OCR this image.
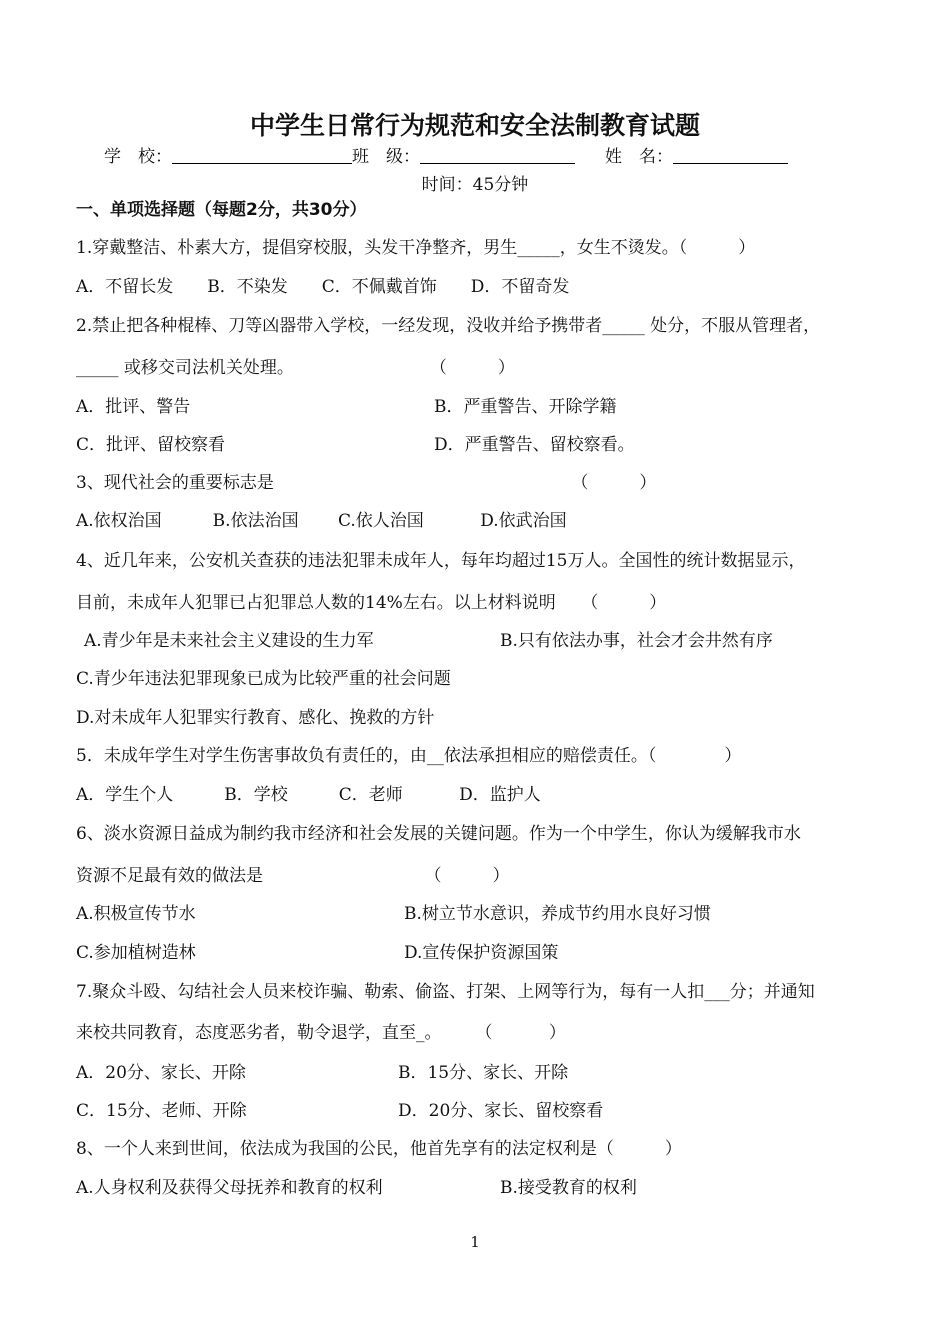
中学生日常行为规范和安全法制教育试题
学　校：	班　级：	姓　名：
时间：45分钟
一、单项选择题（每题2分，共30分）
1.穿戴整洁、朴素大方，提倡穿校服，头发干净整齐，男生_____，女生不烫发。（　　　）
A．不留长发　　B．不染发　　C．不佩戴首饰　　D．不留奇发
2.禁止把各种棍棒、刀等凶器带入学校，一经发现，没收并给予携带者_____ 处分，不服从管理者，
_____ 或移交司法机关处理。　　　　　　　　　（　　　）
A．批评、警告	B．严重警告、开除学籍
C．批评、留校察看	D．严重警告、留校察看。
3、现代社会的重要标志是　　　　　　　　　　　　　　　　　　（　　　）
A.依权治国　　　B.依法治国　　 C.依人治国　　　 D.依武治国
4、近几年来，公安机关查获的违法犯罪未成年人，每年均超过15万人。全国性的统计数据显示，
目前，未成年人犯罪已占犯罪总人数的14%左右。以上材料说明　　（　　　）
A.青少年是未来社会主义建设的生力军	B.只有依法办事，社会才会井然有序
C.青少年违法犯罪现象已成为比较严重的社会问题
D.对未成年人犯罪实行教育、感化、挽救的方针
5．未成年学生对学生伤害事故负有责任的，由__依法承担相应的赔偿责任。（　　　　）
A．学生个人　　　B．学校　　　C．老师　　　 D．监护人
6、淡水资源日益成为制约我市经济和社会发展的关键问题。作为一个中学生，你认为缓解我市水
资源不足最有效的做法是　　　　　　　　　　（　　　）
A.积极宣传节水	B.树立节水意识，养成节约用水良好习惯
C.参加植树造林	D.宣传保护资源国策
7.聚众斗殴、勾结社会人员来校诈骗、勒索、偷盗、打架、上网等行为，每有一人扣___分；并通知
来校共同教育，态度恶劣者，勒令退学，直至_。　　　（　　　 ）
A．20分、家长、开除	B．15分、家长、开除
C．15分、老师、开除	D．20分、家长、留校察看
8、一个人来到世间，依法成为我国的公民，他首先享有的法定权利是（　　　）
A.人身权利及获得父母抚养和教育的权利	B.接受教育的权利
1
